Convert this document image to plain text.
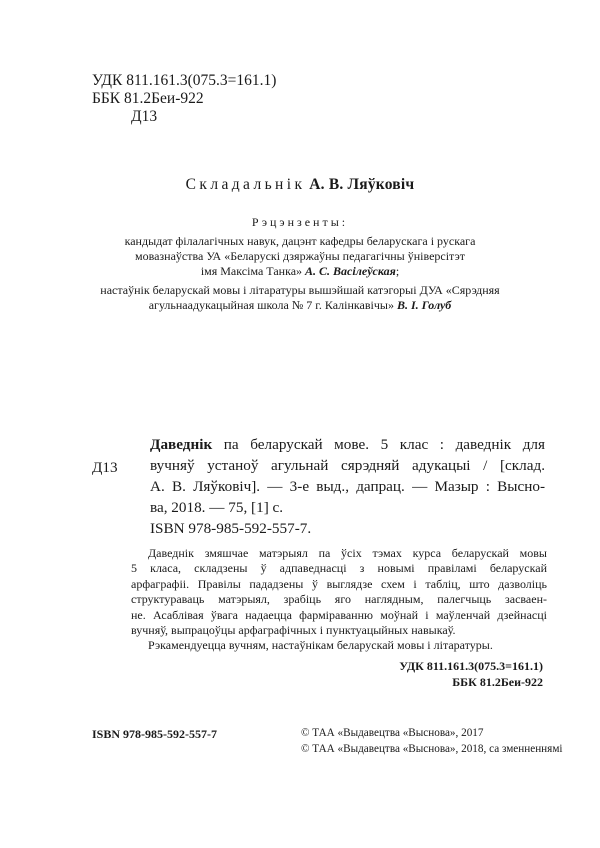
УДК 811.161.3(075.3=161.1)
ББК 81.2Беи-922
Д13
Складальнік А. В. Ляўковіч
Рэцэнзенты:
кандыдат філалагічных навук, дацэнт кафедры беларускага і рускага
мовазнаўства УА «Беларускі дзяржаўны педагагічны ўніверсітэт
імя Максіма Танка» А. С. Васілеўская;
настаўнік беларускай мовы і літаратуры вышэйшай катэгорыі ДУА «Сярэдняя
агульнаадукацыйная школа № 7 г. Калінкавічы» В. І. Голуб
Д13
Даведнік па беларускай мове. 5 клас : даведнік для
вучняў устаноў агульнай сярэдняй адукацыі / [склад.
А. В. Ляўковіч]. — 3-е выд., дапрац. — Мазыр : Выcно-
ва, 2018. — 75, [1] с.
ISBN 978-985-592-557-7.
Даведнік змяшчае матэрыял па ўсіх тэмах курса беларускай мовы
5 класа, складзены ў адпаведнасці з новымі правіламі беларускай
арфаграфіі. Правілы пададзены ў выглядзе схем і табліц, што дазволіць
структураваць матэрыял, зрабіць яго наглядным, палегчыць засваен-
не. Асаблівая ўвага надаецца фарміраванню моўнай і маўленчай дзейнасці
вучняў, выпрацоўцы арфаграфічных і пунктуацыйных навыкаў.
Рэкамендуецца вучням, настаўнікам беларускай мовы і літаратуры.
УДК 811.161.3(075.3=161.1)
ББК 81.2Беи-922
ISBN 978-985-592-557-7	© ТАА «Выдавецтва «Выснова», 2017
© ТАА «Выдавецтва «Выснова», 2018, са зменненнямі
